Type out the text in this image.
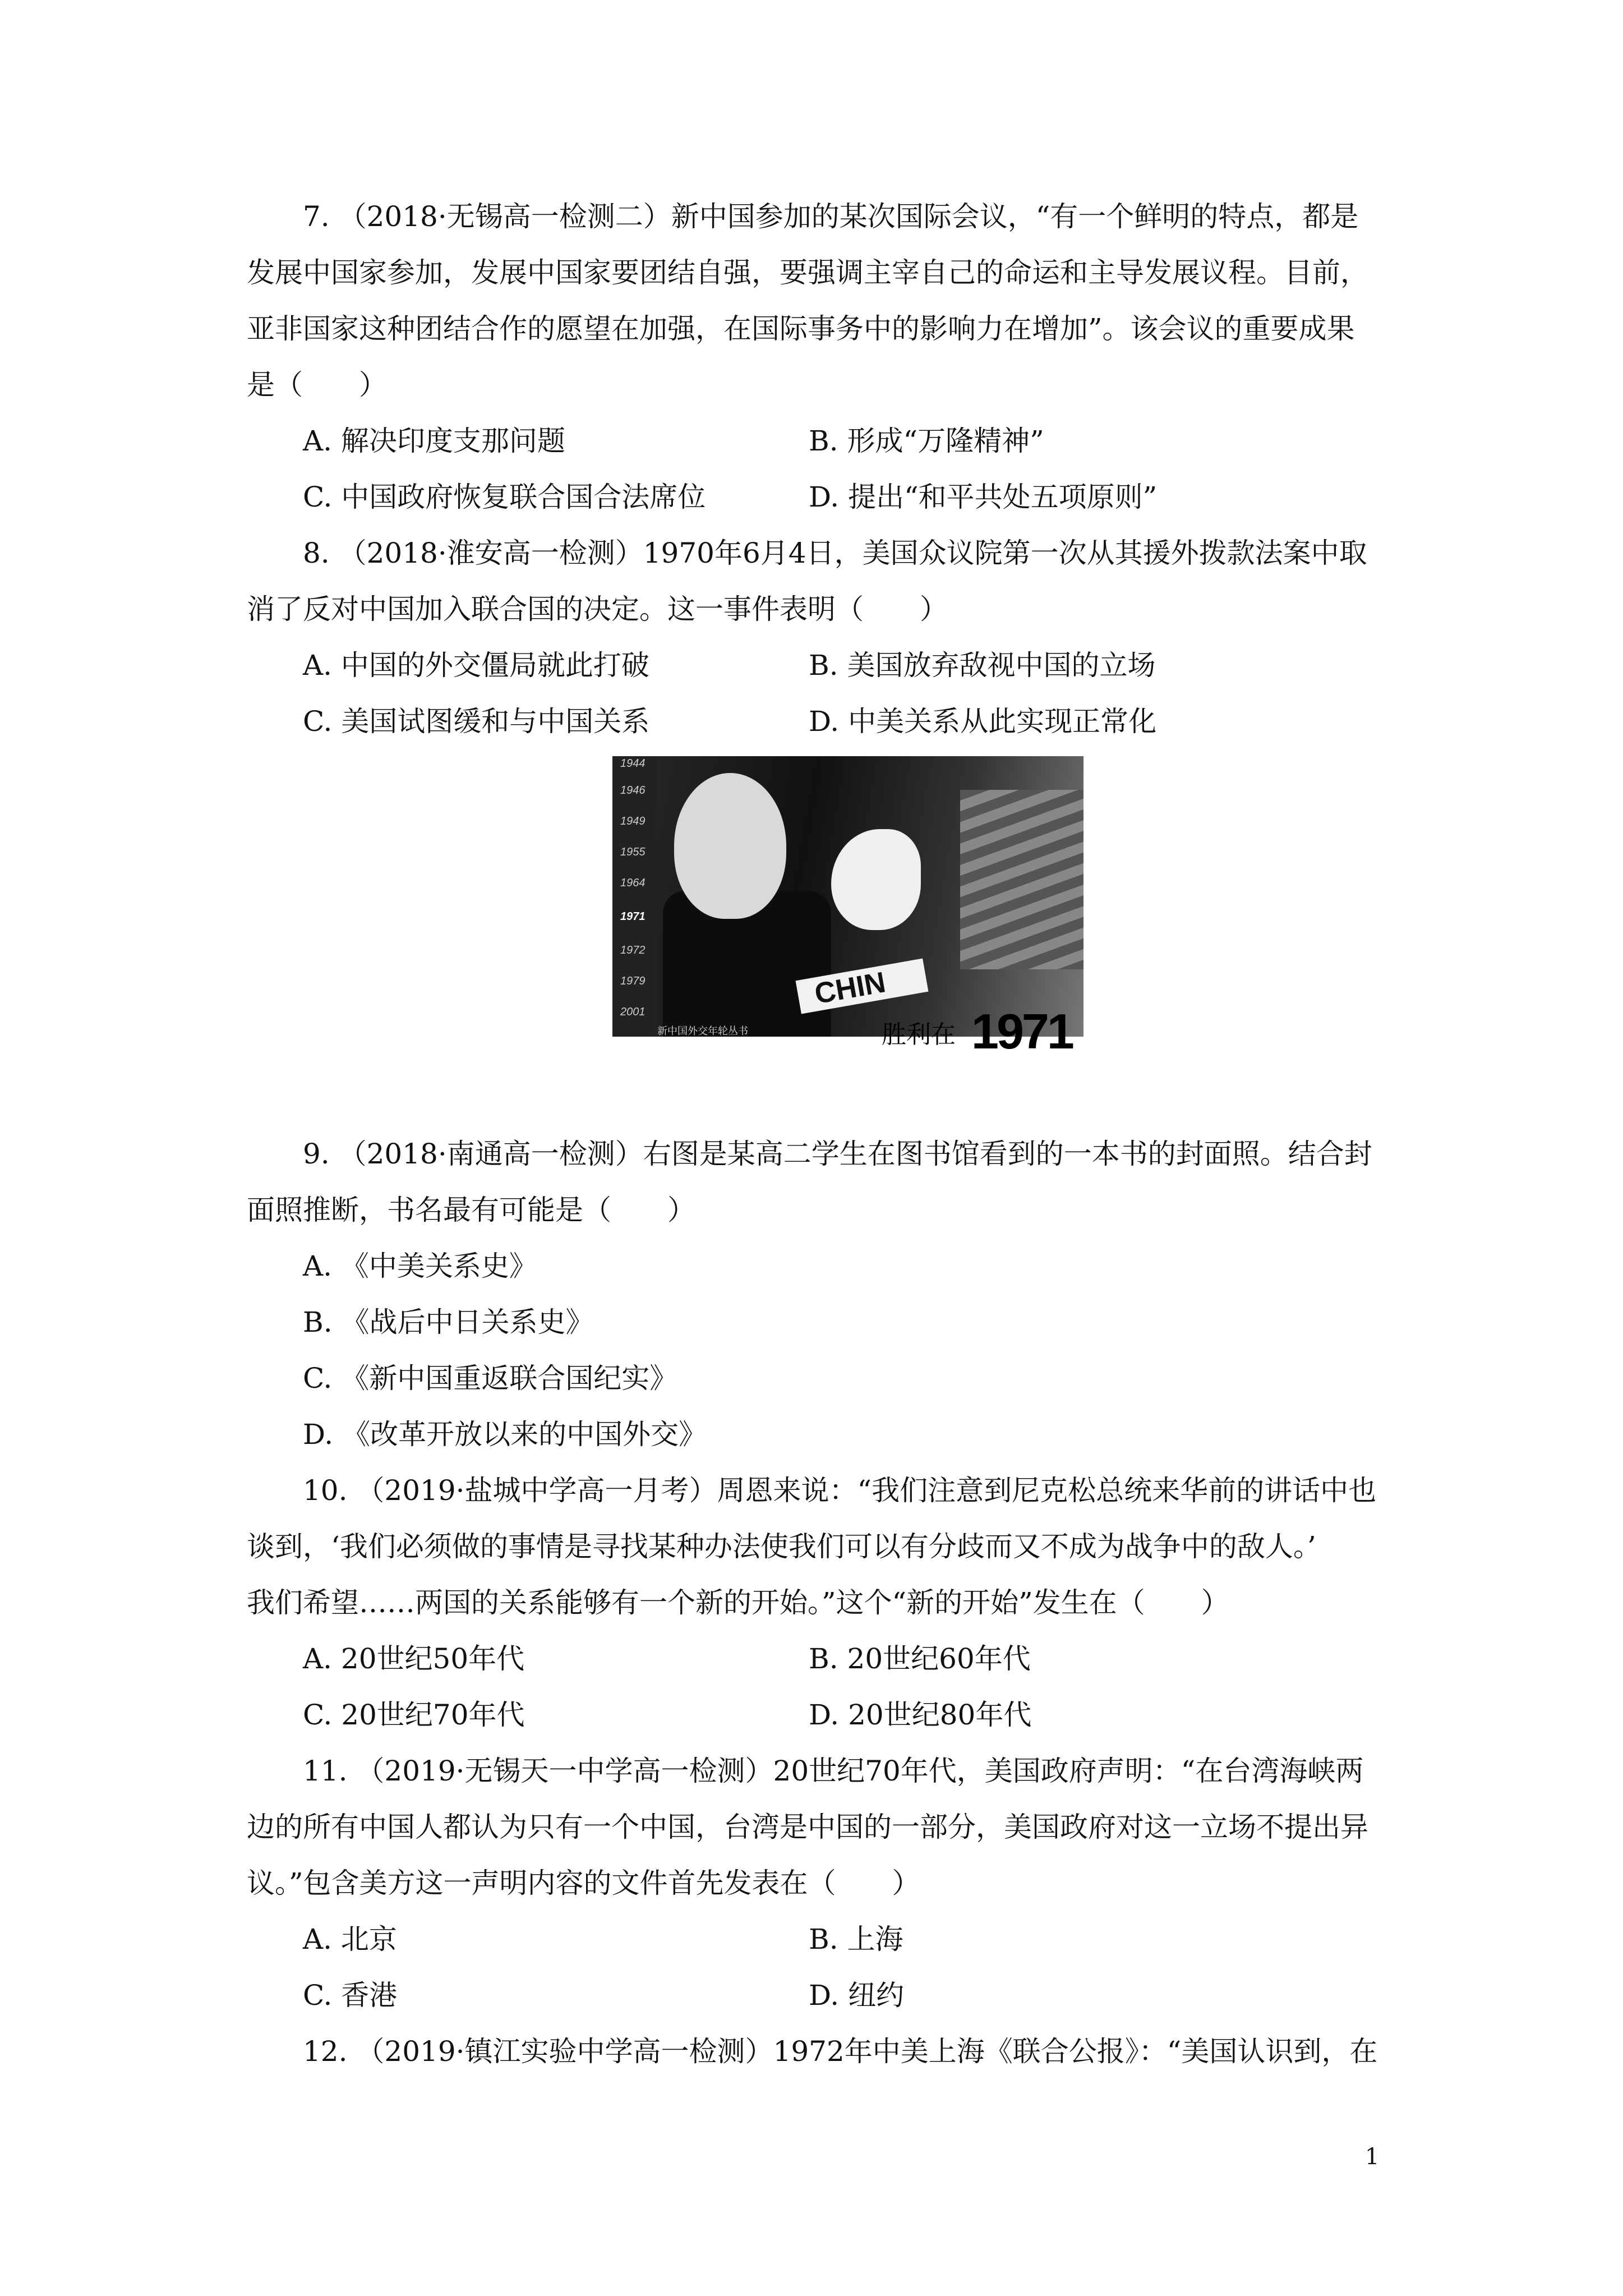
7. （2018·无锡高一检测二）新中国参加的某次国际会议，“有一个鲜明的特点，都是
发展中国家参加，发展中国家要团结自强，要强调主宰自己的命运和主导发展议程。目前，
亚非国家这种团结合作的愿望在加强，在国际事务中的影响力在增加”。该会议的重要成果
是（　　）
A. 解决印度支那问题	B. 形成“万隆精神”
C. 中国政府恢复联合国合法席位	D. 提出“和平共处五项原则”
8. （2018·淮安高一检测）1970年6月4日，美国众议院第一次从其援外拨款法案中取
消了反对中国加入联合国的决定。这一事件表明（　　）
A. 中国的外交僵局就此打破	B. 美国放弃敌视中国的立场
C. 美国试图缓和与中国关系	D. 中美关系从此实现正常化
1944
1946
1949
1955
1964
1971
1972
1979
2001
CHIN
新中国外交年轮丛书	胜利在 1971
9. （2018·南通高一检测）右图是某高二学生在图书馆看到的一本书的封面照。结合封
面照推断，书名最有可能是（　　）
A. 《中美关系史》
B. 《战后中日关系史》
C. 《新中国重返联合国纪实》
D. 《改革开放以来的中国外交》
10. （2019·盐城中学高一月考）周恩来说：“我们注意到尼克松总统来华前的讲话中也
谈到，‘我们必须做的事情是寻找某种办法使我们可以有分歧而又不成为战争中的敌人。’
我们希望……两国的关系能够有一个新的开始。”这个“新的开始”发生在（　　）
A. 20世纪50年代	B. 20世纪60年代
C. 20世纪70年代	D. 20世纪80年代
11. （2019·无锡天一中学高一检测）20世纪70年代，美国政府声明：“在台湾海峡两
边的所有中国人都认为只有一个中国，台湾是中国的一部分，美国政府对这一立场不提出异
议。”包含美方这一声明内容的文件首先发表在（　　）
A. 北京	B. 上海
C. 香港	D. 纽约
12. （2019·镇江实验中学高一检测）1972年中美上海《联合公报》：“美国认识到，在
1
